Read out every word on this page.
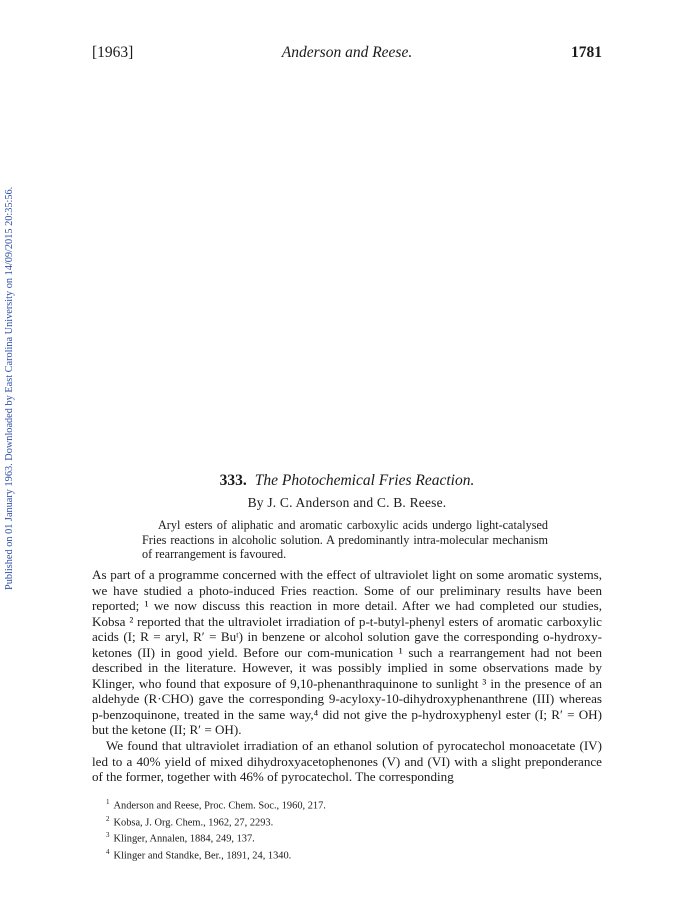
Published on 01 January 1963. Downloaded by East Carolina University on 14/09/2015 20:35:56.
[1963]	Anderson and Reese.	1781
333. The Photochemical Fries Reaction.
By J. C. Anderson and C. B. Reese.
Aryl esters of aliphatic and aromatic carboxylic acids undergo light-catalysed Fries reactions in alcoholic solution. A predominantly intra-molecular mechanism of rearrangement is favoured.

As part of a programme concerned with the effect of ultraviolet light on some aromatic systems, we have studied a photo-induced Fries reaction. Some of our preliminary results have been reported; ¹ we now discuss this reaction in more detail. After we had completed our studies, Kobsa ² reported that the ultraviolet irradiation of p-t-butyl-phenyl esters of aromatic carboxylic acids (I; R = aryl, R′ = Buᵗ) in benzene or alcohol solution gave the corresponding o-hydroxy-ketones (II) in good yield. Before our com-munication ¹ such a rearrangement had not been described in the literature. However, it was possibly implied in some observations made by Klinger, who found that exposure of 9,10-phenanthraquinone to sunlight ³ in the presence of an aldehyde (R·CHO) gave the corresponding 9-acyloxy-10-dihydroxyphenanthrene (III) whereas p-benzoquinone, treated in the same way,⁴ did not give the p-hydroxyphenyl ester (I; R′ = OH) but the ketone (II; R′ = OH).

We found that ultraviolet irradiation of an ethanol solution of pyrocatechol monoacetate (IV) led to a 40% yield of mixed dihydroxyacetophenones (V) and (VI) with a slight preponderance of the former, together with 46% of pyrocatechol. The corresponding

$^1$ Anderson and Reese, Proc. Chem. Soc., 1960, 217.
$^2$ Kobsa, J. Org. Chem., 1962, 27, 2293.
$^3$ Klinger, Annalen, 1884, 249, 137.
$^4$ Klinger and Standke, Ber., 1891, 24, 1340.
